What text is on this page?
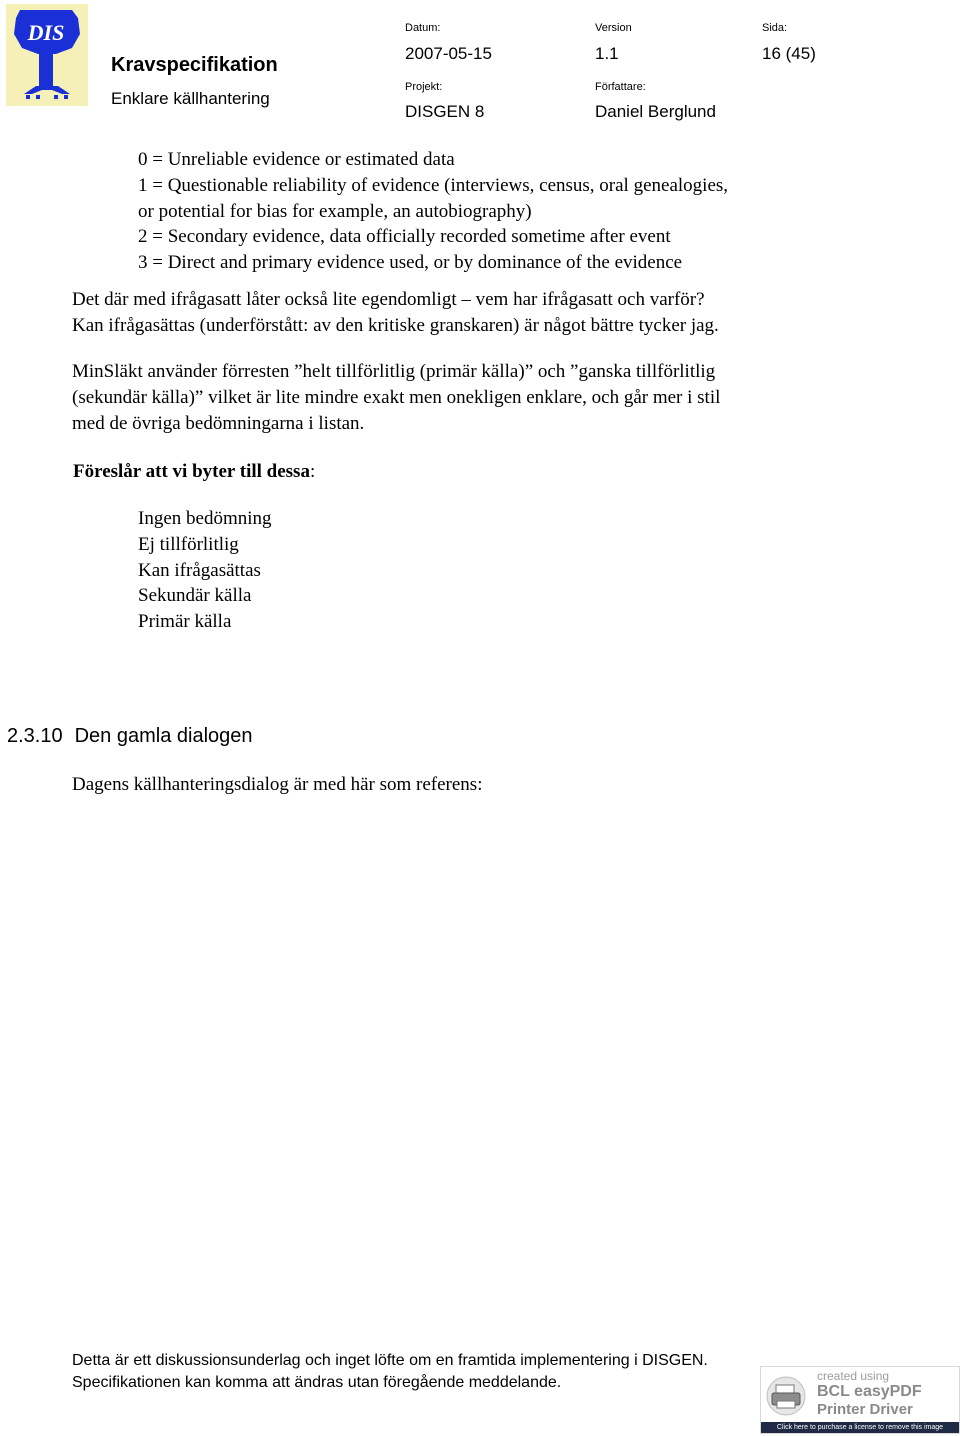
DIS
Kravspecifikation
Enklare källhantering
Datum:
2007-05-15
Version
1.1
Sida:
16 (45)
Projekt:
DISGEN 8
Författare:
Daniel Berglund
0 = Unreliable evidence or estimated data
1 = Questionable reliability of evidence (interviews, census, oral genealogies,
or potential for bias for example, an autobiography)
2 = Secondary evidence, data officially recorded sometime after event
3 = Direct and primary evidence used, or by dominance of the evidence
Det där med ifrågasatt låter också lite egendomligt – vem har ifrågasatt och varför?
Kan ifrågasättas (underförstått: av den kritiske granskaren) är något bättre tycker jag.
MinSläkt använder förresten ”helt tillförlitlig (primär källa)” och ”ganska tillförlitlig
(sekundär källa)” vilket är lite mindre exakt men onekligen enklare, och går mer i stil
med de övriga bedömningarna i listan.
Föreslår att vi byter till dessa:
Ingen bedömning
Ej tillförlitlig
Kan ifrågasättas
Sekundär källa
Primär källa
2.3.10 Den gamla dialogen
Dagens källhanteringsdialog är med här som referens:
Detta är ett diskussionsunderlag och inget löfte om en framtida implementering i DISGEN.
Specifikationen kan komma att ändras utan föregående meddelande.	created using
BCL easyPDF
Printer Driver
Click here to purchase a license to remove this image
